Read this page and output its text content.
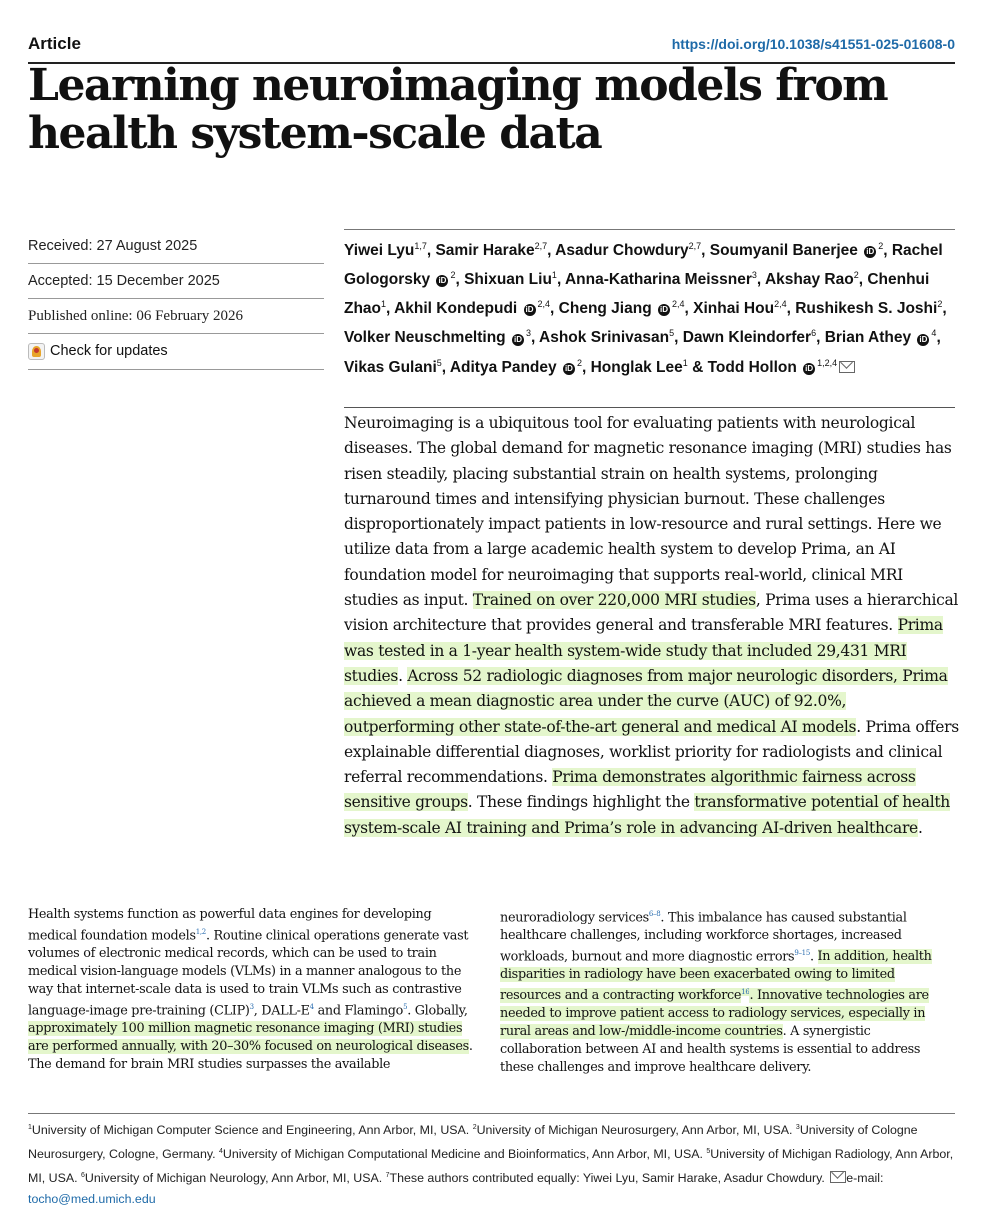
Article	https://doi.org/10.1038/s41551-025-01608-0
Learning neuroimaging models from health system-scale data
Received: 27 August 2025
Accepted: 15 December 2025
Published online: 06 February 2026
Check for updates
Yiwei Lyu$^{1,7}$, Samir Harake$^{2,7}$, Asadur Chowdury$^{2,7}$, Soumyanil Banerjee $iD^2$, Rachel Gologorsky $iD^2$, Shixuan Liu$^1$, Anna-Katharina Meissner$^3$, Akshay Rao$^2$, Chenhui Zhao$^1$, Akhil Kondepudi iD$^{2,4}$, Cheng Jiang iD$^{2,4}$, Xinhai Hou$^{2,4}$, Rushikesh S. Joshi$^2$, Volker Neuschmelting $iD^3$, Ashok Srinivasan$^5$, Dawn Kleindorfer$^6$, Brian Athey $iD^4$, Vikas Gulani$^5$, Aditya Pandey $iD^2$, Honglak Lee$^1$ & Todd Hollon iD$^{1,2,4}$
Neuroimaging is a ubiquitous tool for evaluating patients with neurological diseases. The global demand for magnetic resonance imaging (MRI) studies has risen steadily, placing substantial strain on health systems, prolonging turnaround times and intensifying physician burnout. These challenges disproportionately impact patients in low-resource and rural settings. Here we utilize data from a large academic health system to develop Prima, an AI foundation model for neuroimaging that supports real-world, clinical MRI studies as input. Trained on over 220,000 MRI studies, Prima uses a hierarchical vision architecture that provides general and transferable MRI features. Prima was tested in a 1-year health system-wide study that included 29,431 MRI studies. Across 52 radiologic diagnoses from major neurologic disorders, Prima achieved a mean diagnostic area under the curve (AUC) of 92.0%, outperforming other state-of-the-art general and medical AI models. Prima offers explainable differential diagnoses, worklist priority for radiologists and clinical referral recommendations. Prima demonstrates algorithmic fairness across sensitive groups. These findings highlight the transformative potential of health system-scale AI training and Prima’s role in advancing AI-driven healthcare.
Health systems function as powerful data engines for developing medical foundation models$^{1,2}$. Routine clinical operations generate vast volumes of electronic medical records, which can be used to train medical vision-language models (VLMs) in a manner analogous to the way that internet-scale data is used to train VLMs such as contrastive language-image pre-training (CLIP)$^3$, DALL-$E^4$ and Flamingo$^5$. Globally, approximately 100 million magnetic resonance imaging (MRI) studies are performed annually, with 20–30% focused on neurological diseases. The demand for brain MRI studies surpasses the available
neuroradiology services$^{6-8}$. This imbalance has caused substantial healthcare challenges, including workforce shortages, increased workloads, burnout and more diagnostic errors$^{9-15}$. In addition, health disparities in radiology have been exacerbated owing to limited resources and a contracting workforce$^{16}$. Innovative technologies are needed to improve patient access to radiology services, especially in rural areas and low-/middle-income countries. A synergistic collaboration between AI and health systems is essential to address these challenges and improve healthcare delivery.
$^1$University of Michigan Computer Science and Engineering, Ann Arbor, MI, USA. $^2$University of Michigan Neurosurgery, Ann Arbor, MI, USA. $^3$University of Cologne Neurosurgery, Cologne, Germany. $^4$University of Michigan Computational Medicine and Bioinformatics, Ann Arbor, MI, USA. $^5$University of Michigan Radiology, Ann Arbor, MI, USA. $^6$University of Michigan Neurology, Ann Arbor, MI, USA. $^7$These authors contributed equally: Yiwei Lyu, Samir Harake, Asadur Chowdury. e-mail: tocho@med.umich.edu
